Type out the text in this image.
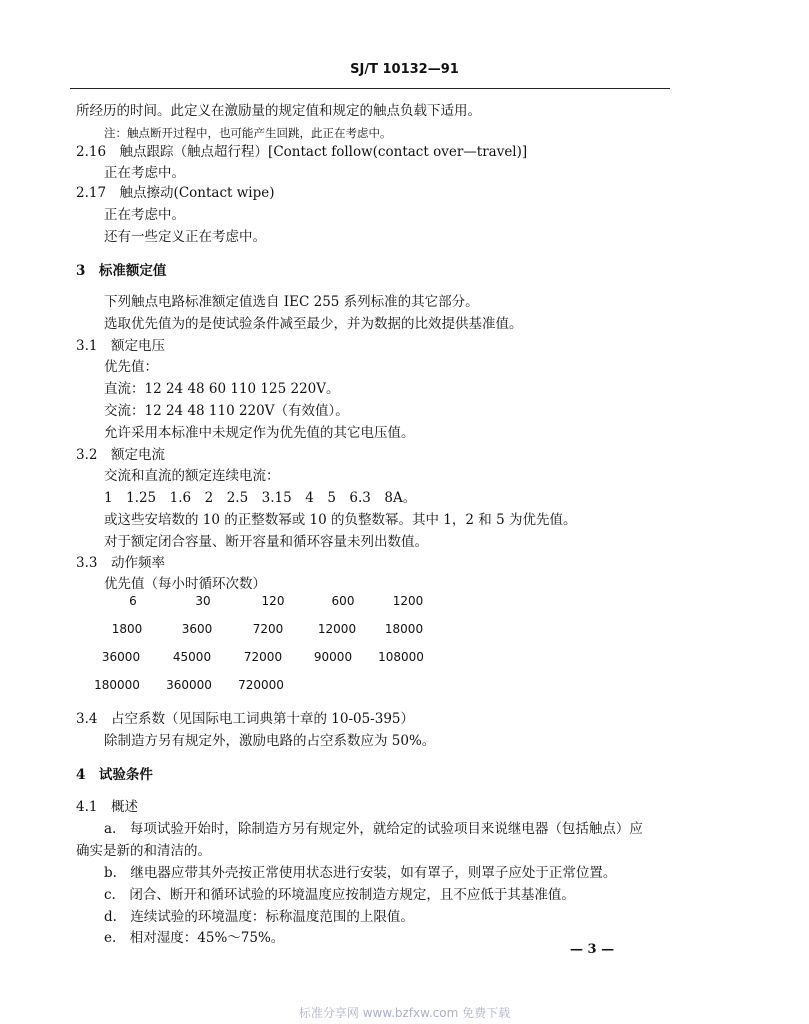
SJ/T 10132—91
所经历的时间。此定义在激励量的规定值和规定的触点负载下适用。
注：触点断开过程中，也可能产生回跳，此正在考虑中。
2.16　触点跟踪（触点超行程）[Contact follow(contact over—travel)]
正在考虑中。
2.17　触点擦动(Contact wipe)
正在考虑中。
还有一些定义正在考虑中。
3　标准额定值
下列触点电路标准额定值选自 IEC 255 系列标准的其它部分。
选取优先值为的是使试验条件减至最少，并为数据的比效提供基准值。
3.1　额定电压
优先值：
直流：12 24 48 60 110 125 220V。
交流：12 24 48 110 220V（有效值）。
允许采用本标准中未规定作为优先值的其它电压值。
3.2　额定电流
交流和直流的额定连续电流：
1　1.25　1.6　2　2.5　3.15　4　5　6.3　8A。
或这些安培数的 10 的正整数幂或 10 的负整数幂。其中 1，2 和 5 为优先值。
对于额定闭合容量、断开容量和循环容量未列出数值。
3.3　动作频率
优先值（每小时循环次数）
6	30	120	600	1200
1800	3600	7200	12000	18000
36000	45000	72000	90000	108000
180000	360000	720000
3.4　占空系数（见国际电工词典第十章的 10-05-395）
除制造方另有规定外，激励电路的占空系数应为 50%。
4　试验条件
4.1　概述
a.　每项试验开始时，除制造方另有规定外，就给定的试验项目来说继电器（包括触点）应
确实是新的和清洁的。
b.　继电器应带其外壳按正常使用状态进行安装，如有罩子，则罩子应处于正常位置。
c.　闭合、断开和循环试验的环境温度应按制造方规定，且不应低于其基准值。
d.　连续试验的环境温度：标称温度范围的上限值。
e.　相对湿度：45%～75%。
— 3 —
标准分享网 www.bzfxw.com 免费下载
